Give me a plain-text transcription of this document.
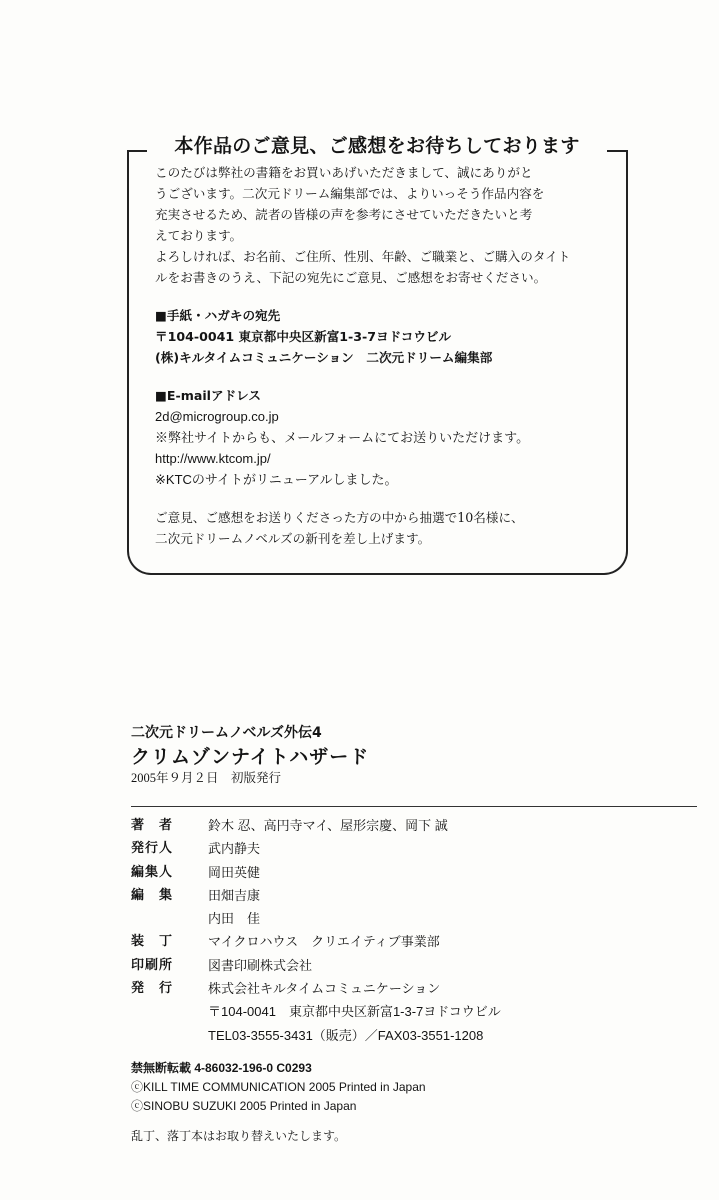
本作品のご意見、ご感想をお待ちしております
このたびは弊社の書籍をお買いあげいただきまして、誠にありがと
うございます。二次元ドリーム編集部では、よりいっそう作品内容を
充実させるため、読者の皆様の声を参考にさせていただきたいと考
えております。
よろしければ、お名前、ご住所、性別、年齢、ご職業と、ご購入のタイト
ルをお書きのうえ、下記の宛先にご意見、ご感想をお寄せください。
■手紙・ハガキの宛先
〒104-0041 東京都中央区新富1-3-7ヨドコウビル
(株)キルタイムコミュニケーション　二次元ドリーム編集部
■E-mailアドレス
2d@microgroup.co.jp
※弊社サイトからも、メールフォームにてお送りいただけます。
http://www.ktcom.jp/
※KTCのサイトがリニューアルしました。
ご意見、ご感想をお送りくださった方の中から抽選で10名様に、
二次元ドリームノベルズの新刊を差し上げます。
二次元ドリームノベルズ外伝4
クリムゾンナイトハザード
2005年９月２日　初版発行
著　者	鈴木 忍、高円寺マイ、屋形宗慶、岡下 誠
発行人	武内静夫
編集人	岡田英健
編　集	田畑吉康
内田　佳
装　丁	マイクロハウス　クリエイティブ事業部
印刷所	図書印刷株式会社
発　行	株式会社キルタイムコミュニケーション
〒104-0041　東京都中央区新富1-3-7ヨドコウビル
TEL03-3555-3431（販売）／FAX03-3551-1208
禁無断転載 4-86032-196-0 C0293
ⓒKILL TIME COMMUNICATION 2005 Printed in Japan
ⓒSINOBU SUZUKI 2005 Printed in Japan
乱丁、落丁本はお取り替えいたします。
